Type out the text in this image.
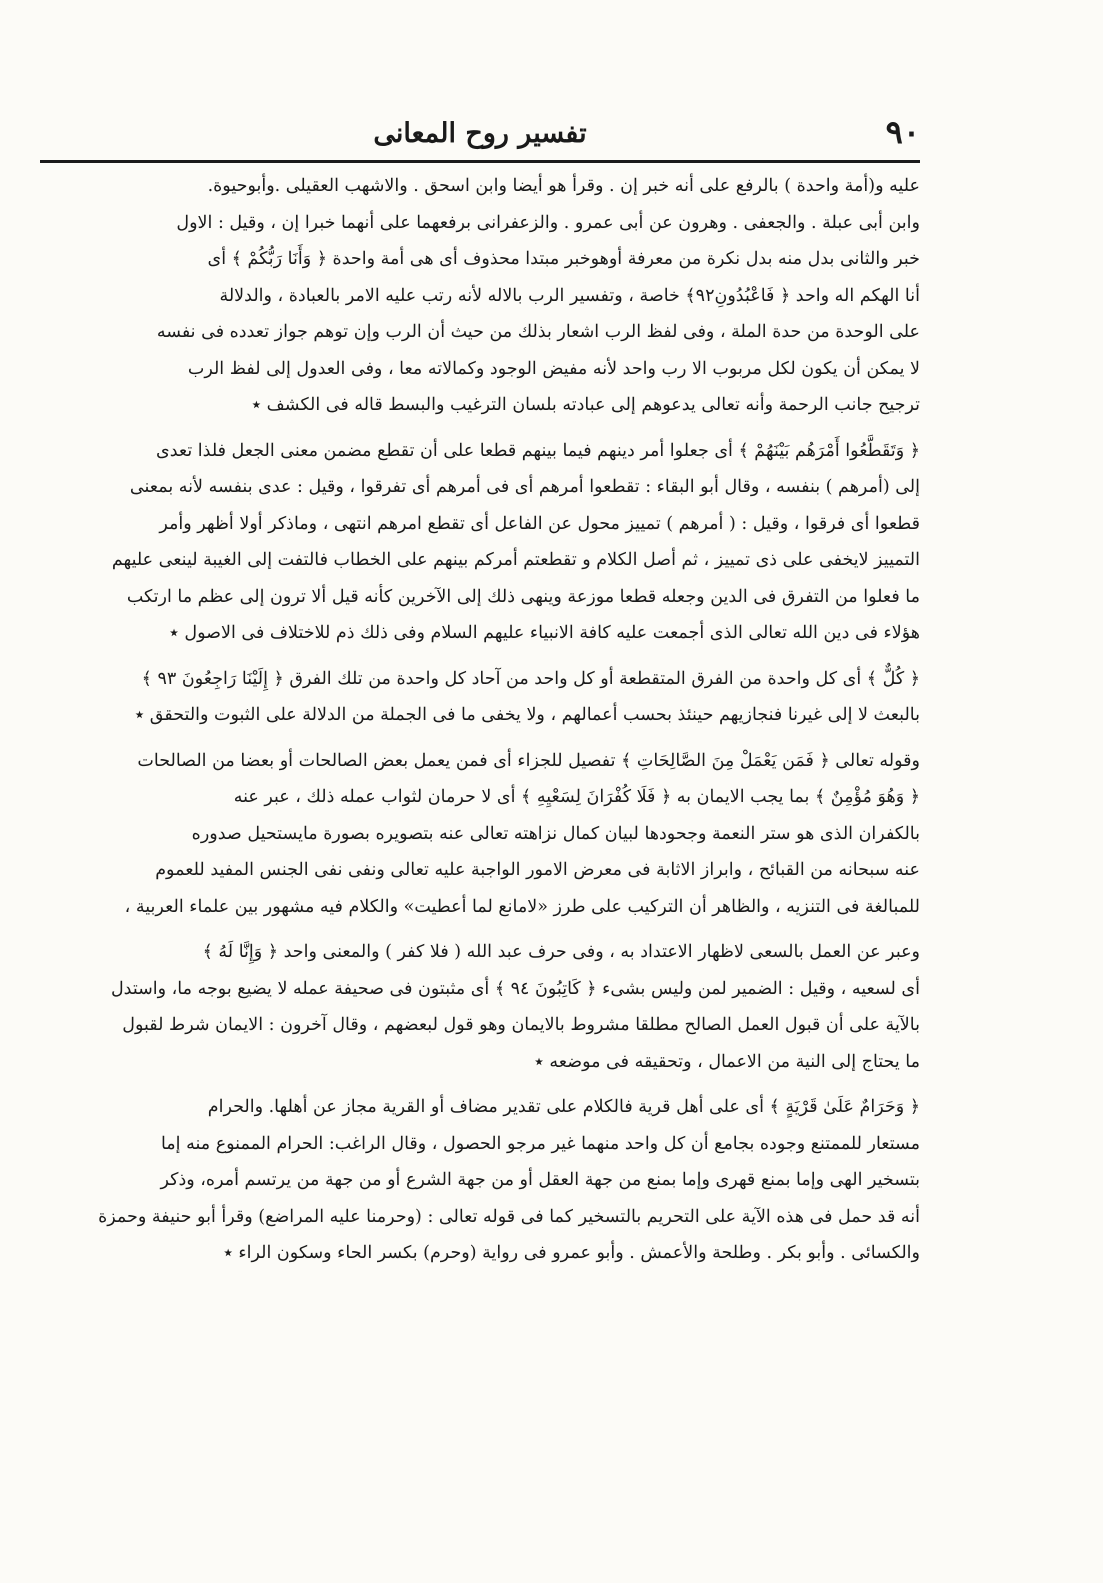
٩٠
تفسير روح المعانى
عليه و(أمة واحدة ) بالرفع على أنه خبر إن . وقرأ هو أيضا وابن اسحق . والاشهب العقيلى .وأبوحيوة.
وابن أبى عبلة . والجعفى . وهرون عن أبى عمرو . والزعفرانى برفعهما على أنهما خبرا إن ، وقيل : الاول
خبر والثانى بدل منه بدل نكرة من معرفة أوهوخبر مبتدا محذوف أى هى أمة واحدة ﴿ وَأَنَا رَبُّكُمْ ﴾ أى
أنا الهكم اله واحد ﴿ فَاعْبُدُونِ٩٢﴾ خاصة ، وتفسير الرب بالاله لأنه رتب عليه الامر بالعبادة ، والدلالة
على الوحدة من حدة الملة ، وفى لفظ الرب اشعار بذلك من حيث أن الرب وإن توهم جواز تعدده فى نفسه
لا يمكن أن يكون لكل مربوب الا رب واحد لأنه مفيض الوجود وكمالاته معا ، وفى العدول إلى لفظ الرب
ترجيح جانب الرحمة وأنه تعالى يدعوهم إلى عبادته بلسان الترغيب والبسط قاله فى الكشف ٭
﴿ وَتَقَطَّعُوا أَمْرَهُم بَيْنَهُمْ ﴾ أى جعلوا أمر دينهم فيما بينهم قطعا على أن تقطع مضمن معنى الجعل فلذا تعدى
إلى (أمرهم ) بنفسه ، وقال أبو البقاء : تقطعوا أمرهم أى فى أمرهم أى تفرقوا ، وقيل : عدى بنفسه لأنه بمعنى
قطعوا أى فرقوا ، وقيل : ( أمرهم ) تمييز محول عن الفاعل أى تقطع امرهم انتهى ، وماذكر أولا أظهر وأمر
التمييز لايخفى على ذى تمييز ، ثم أصل الكلام و تقطعتم أمركم بينهم على الخطاب فالتفت إلى الغيبة لينعى عليهم
ما فعلوا من التفرق فى الدين وجعله قطعا موزعة وينهى ذلك إلى الآخرين كأنه قيل ألا ترون إلى عظم ما ارتكب
هؤلاء فى دين الله تعالى الذى أجمعت عليه كافة الانبياء عليهم السلام وفى ذلك ذم للاختلاف فى الاصول ٭
﴿ كُلٌّ ﴾ أى كل واحدة من الفرق المتقطعة أو كل واحد من آحاد كل واحدة من تلك الفرق ﴿ إِلَيْنَا رَاجِعُونَ ٩٣ ﴾
بالبعث لا إلى غيرنا فنجازيهم حينئذ بحسب أعمالهم ، ولا يخفى ما فى الجملة من الدلالة على الثبوت والتحقق ٭
وقوله تعالى ﴿ فَمَن يَعْمَلْ مِنَ الصَّالِحَاتِ ﴾ تفصيل للجزاء أى فمن يعمل بعض الصالحات أو بعضا من الصالحات
﴿ وَهُوَ مُؤْمِنٌ ﴾ بما يجب الايمان به ﴿ فَلَا كُفْرَانَ لِسَعْيِهِ ﴾ أى لا حرمان لثواب عمله ذلك ، عبر عنه
بالكفران الذى هو ستر النعمة وجحودها لبيان كمال نزاهته تعالى عنه بتصويره بصورة مايستحيل صدوره
عنه سبحانه من القبائح ، وابراز الاثابة فى معرض الامور الواجبة عليه تعالى ونفى نفى الجنس المفيد للعموم
للمبالغة فى التنزيه ، والظاهر أن التركيب على طرز «لامانع لما أعطيت» والكلام فيه مشهور بين علماء العربية ،
وعبر عن العمل بالسعى لاظهار الاعتداد به ، وفى حرف عبد الله ( فلا كفر ) والمعنى واحد ﴿ وَإِنَّا لَهُ ﴾
أى لسعيه ، وقيل : الضمير لمن وليس بشىء ﴿ كَاتِبُونَ ٩٤ ﴾ أى مثبتون فى صحيفة عمله لا يضيع بوجه ما، واستدل
بالآية على أن قبول العمل الصالح مطلقا مشروط بالايمان وهو قول لبعضهم ، وقال آخرون : الايمان شرط لقبول
ما يحتاج إلى النية من الاعمال ، وتحقيقه فى موضعه ٭
﴿ وَحَرَامٌ عَلَىٰ قَرْيَةٍ ﴾ أى على أهل قرية فالكلام على تقدير مضاف أو القرية مجاز عن أهلها. والحرام
مستعار للممتنع وجوده بجامع أن كل واحد منهما غير مرجو الحصول ، وقال الراغب: الحرام الممنوع منه إما
بتسخير الهى وإما بمنع قهرى وإما بمنع من جهة العقل أو من جهة الشرع أو من جهة من يرتسم أمره، وذكر
أنه قد حمل فى هذه الآية على التحريم بالتسخير كما فى قوله تعالى : (وحرمنا عليه المراضع) وقرأ أبو حنيفة وحمزة
والكسائى . وأبو بكر . وطلحة والأعمش . وأبو عمرو فى رواية (وحرم) بكسر الحاء وسكون الراء ٭
